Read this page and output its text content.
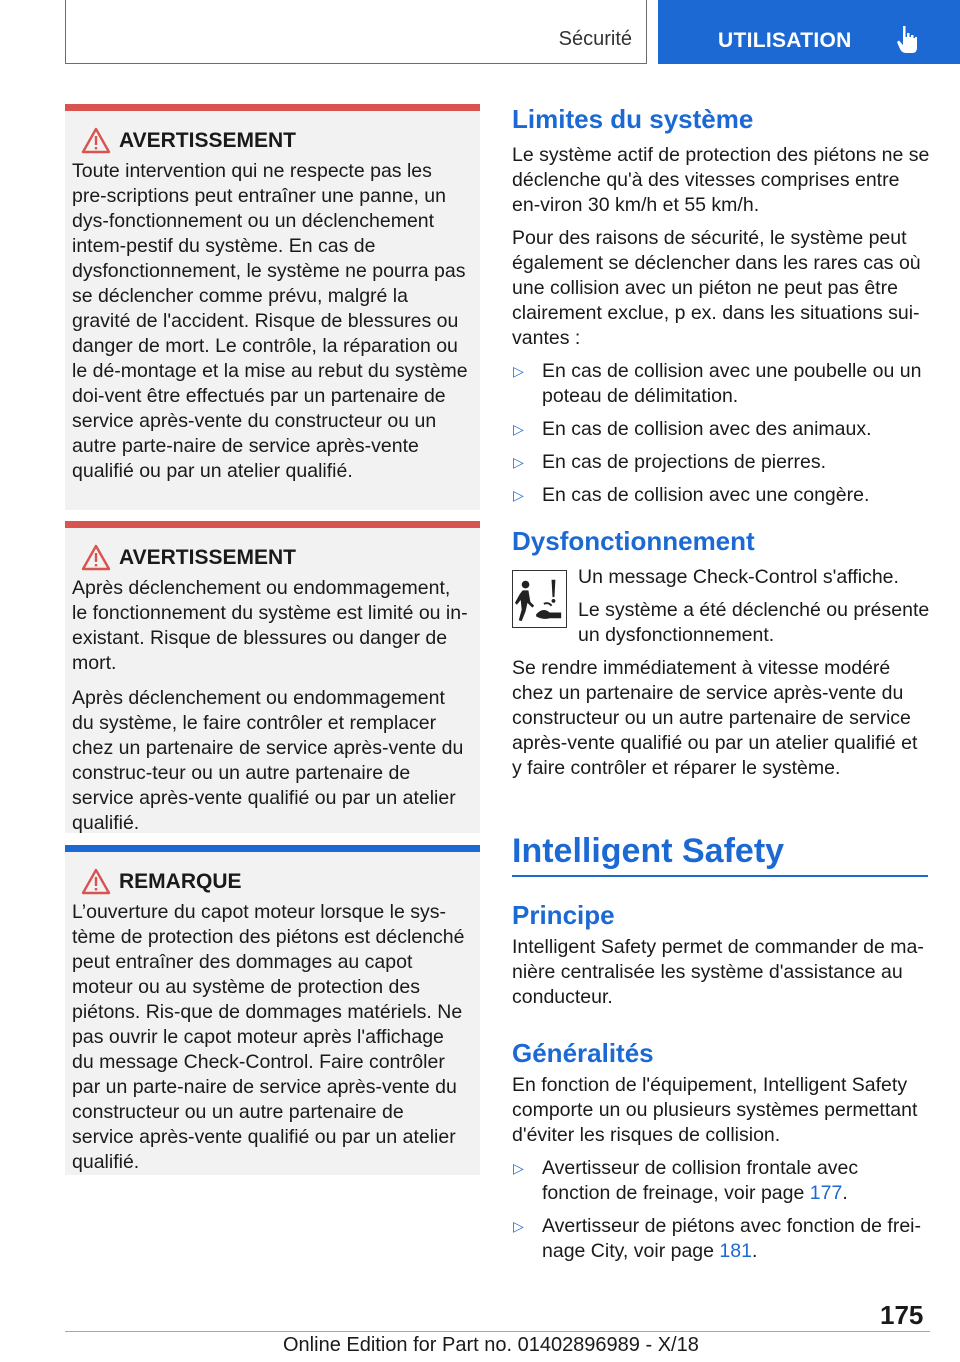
Sécurité	UTILISATION
AVERTISSEMENT

Toute intervention qui ne respecte pas les pre-scriptions peut entraîner une panne, un dys-fonctionnement ou un déclenchement intem-pestif du système. En cas de dysfonctionnement, le système ne pourra pas se déclencher comme prévu, malgré la gravité de l'accident. Risque de blessures ou danger de mort. Le contrôle, la réparation ou le dé-montage et la mise au rebut du système doi-vent être effectués par un partenaire de service après-vente du constructeur ou un autre parte-naire de service après-vente qualifié ou par un atelier qualifié.

AVERTISSEMENT

Après déclenchement ou endommagement, le fonctionnement du système est limité ou in-existant. Risque de blessures ou danger de mort.

Après déclenchement ou endommagement du système, le faire contrôler et remplacer chez un partenaire de service après-vente du construc-teur ou un autre partenaire de service après-vente qualifié ou par un atelier qualifié.

REMARQUE

L’ouverture du capot moteur lorsque le sys-tème de protection des piétons est déclenché peut entraîner des dommages au capot moteur ou au système de protection des piétons. Ris-que de dommages matériels. Ne pas ouvrir le capot moteur après l'affichage du message Check-Control. Faire contrôler par un parte-naire de service après-vente du constructeur ou un autre partenaire de service après-vente qualifié ou par un atelier qualifié.

Limites du système

Le système actif de protection des piétons ne se déclenche qu'à des vitesses comprises entre en-viron 30 km/h et 55 km/h.

Pour des raisons de sécurité, le système peut également se déclencher dans les rares cas où une collision avec un piéton ne peut pas être clairement exclue, p ex. dans les situations sui-vantes :

▷ En cas de collision avec une poubelle ou un poteau de délimitation.
▷ En cas de collision avec des animaux.
▷ En cas de projections de pierres.
▷ En cas de collision avec une congère.
Dysfonctionnement

Un message Check-Control s'affiche.

Le système a été déclenché ou présente un dysfonctionnement.

Se rendre immédiatement à vitesse modéré chez un partenaire de service après-vente du constructeur ou un autre partenaire de service après-vente qualifié ou par un atelier qualifié et y faire contrôler et réparer le système.

Intelligent Safety
Principe

Intelligent Safety permet de commander de ma-nière centralisée les système d'assistance au conducteur.

Généralités

En fonction de l'équipement, Intelligent Safety comporte un ou plusieurs systèmes permettant d'éviter les risques de collision.

▷ Avertisseur de collision frontale avec fonction de freinage, voir page 177.
▷ Avertisseur de piétons avec fonction de frei-nage City, voir page 181.
175
Online Edition for Part no. 01402896989 - X/18
